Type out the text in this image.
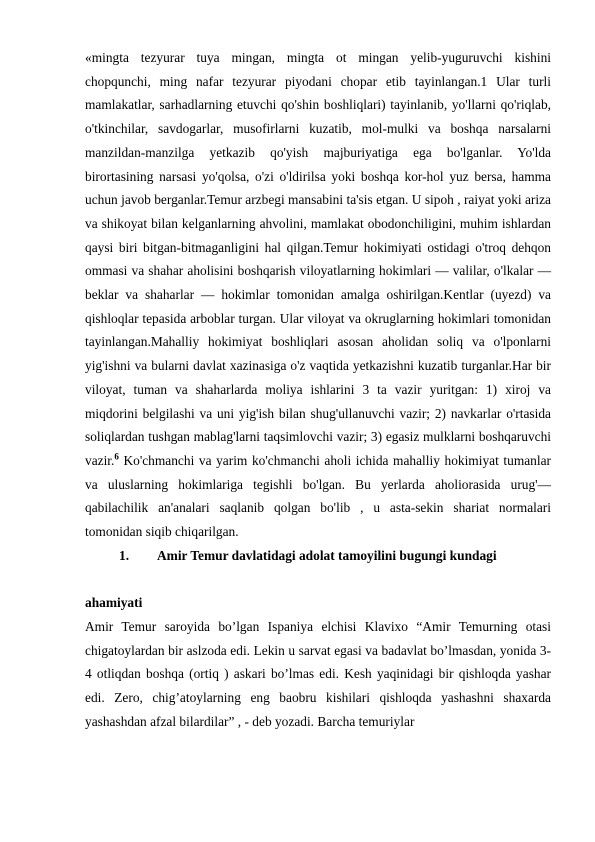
«mingta tezyurar tuya mingan, mingta ot mingan yelib-yuguruvchi kishini chopqunchi, ming nafar tezyurar piyodani chopar etib tayinlangan.1 Ular turli mamlakatlar, sarhadlarning etuvchi qo'shin boshliqlari) tayinlanib, yo'llarni qo'riqlab, o'tkinchilar, savdogarlar, musofirlarni kuzatib, mol-mulki va boshqa narsalarni manzildan-manzilga yetkazib qo'yish majburiyatiga ega bo'lganlar. Yo'lda birortasining narsasi yo'qolsa, o'zi o'ldirilsa yoki boshqa kor-hol yuz bersa, hamma uchun javob berganlar.Temur arzbegi mansabini ta'sis etgan. U sipoh , raiyat yoki ariza va shikoyat bilan kelganlarning ahvolini, mamlakat obodonchiligini, muhim ishlardan qaysi biri bitgan-bitmaganligini hal qilgan.Temur hokimiyati ostidagi o'troq dehqon ommasi va shahar aholisini boshqarish viloyatlarning hokimlari — valilar, o'lkalar — beklar va shaharlar — hokimlar tomonidan amalga oshirilgan.Kentlar (uyezd) va qishloqlar tepasida arboblar turgan. Ular viloyat va okruglarning hokimlari tomonidan tayinlangan.Mahalliy hokimiyat boshliqlari asosan aholidan soliq va o'lponlarni yig'ishni va bularni davlat xazinasiga o'z vaqtida yetkazishni kuzatib turganlar.Har bir viloyat, tuman va shaharlarda moliya ishlarini 3 ta vazir yuritgan: 1) xiroj va miqdorini belgilashi va uni yig'ish bilan shug'ullanuvchi vazir; 2) navkarlar o'rtasida soliqlardan tushgan mablag'larni taqsimlovchi vazir; 3) egasiz mulklarni boshqaruvchi vazir.$^6$ Ko'chmanchi va yarim ko'chmanchi aholi ichida mahalliy hokimiyat tumanlar va uluslarning hokimlariga tegishli bo'lgan. Bu yerlarda aholiorasida urug'—qabilachilik an'analari saqlanib qolgan bo'lib , u asta-sekin shariat normalari tomonidan siqib chiqarilgan.

1.	Amir Temur davlatidagi adolat tamoyilini bugungi kundagi

ahamiyati

Amir Temur saroyida bo’lgan Ispaniya elchisi Klavixo “Amir Temurning otasi chigatoylardan bir aslzoda edi. Lekin u sarvat egasi va badavlat bo’lmasdan, yonida 3-4 otliqdan boshqa (ortiq ) askari bo’lmas edi. Kesh yaqinidagi bir qishloqda yashar edi. Zero, chig’atoylarning eng baobru kishilari qishloqda yashashni shaxarda yashashdan afzal bilardilar” , - deb yozadi. Barcha temuriylar
